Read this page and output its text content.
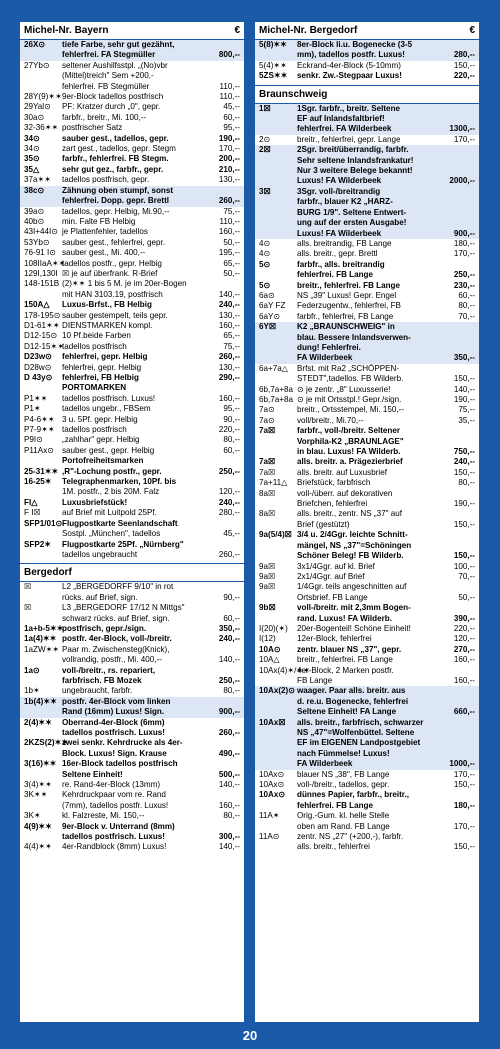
Michel-Nr. Bayern	€
26X⊙	tiefe Farbe, sehr gut gezähnt,
fehlerfrei. FA Stegmüller	800,--
27Yb⊙	seltener Aushilfsstpl. „(No)vbr
(Mittel)treich" Sem +200,-
fehlerfrei. FB Stegmüller	110,--
28Y(9)✶✶ 9er-Block tadellos postfrisch	110,--
29Yal⊙	PF: Kratzer durch „0", gepr.	45,--
30a⊙	farbfr., breitr., Mi. 100,--	60,--
32-36✶✶ postfrischer Satz	95,--
34⊙	sauber gest., tadellos, gepr.	190,--
34⊙	zart gest., tadellos, gepr. Stegm	170,--
35⊙	farbfr., fehlerfrei. FB Stegm.	200,--
35△	sehr gut gez., farbfr., gepr.	210,--
37a✶✶	tadellos postfrisch, gepr.	130,--
38c⊙	Zähnung oben stumpf, sonst
fehlerfrei. Dopp. gepr. Brettl	260,--
39a⊙	tadellos, gepr. Helbig, Mi.90,--	75,--
40b⊙	min. Falte FB Helbig	110,--
43I+44I⊙ je Plattenfehler, tadellos	160,--
53Yb⊙	sauber gest., fehlerfrei, gepr.	50,--
76-91 I⊙ sauber gest., Mi. 400,--	195,--
108IIaA✶✶
tadellos postfr., gepr. Helbig	65,--
129I,130I ☒ je auf überfrank. R-Brief	50,--
148-151B (2)✶✶ 1 bis 5 M. je im 20er-Bogen
mit HAN 3103.19, postfrisch	140,--
150A△	Luxus-Brfst., FB Helbig	240,--
178-195⊙ sauber gestempelt, teils gepr.	130,--
D1-61✶✶ DIENSTMARKEN kompl.	160,--
D12-15⊙ 10 Pf.beide Farben	65,--
D12-15✶✶
tadellos postfrisch	75,--
D23w⊙	fehlerfrei, gepr. Helbig	260,--
D28w⊙	fehlerfrei, gepr. Helbig	130,--
D 43y⊙	fehlerfrei, FB Helbig	290,--
PORTOMARKEN
P1✶✶	tadellos postfrisch. Luxus!	160,--
P1✶	tadellos ungebr., FBSem	95,--
P4-6✶✶ 3 u. 5Pf. gepr. Helbig	90,--
P7-9✶✶ tadellos postfrisch	220,--
P9I⊙	„zahlhar" gepr. Helbig	80,--
P11Ax⊙ sauber gest., gepr. Helbig	60,--
Portofreiheitsmarken
25-31✶✶ ,R"-Lochung postfr., gepr.	250,--
16-25✶	Telegraphenmarken, 10Pf. bis
1M. postfr., 2 bis 20M. Falz	120,--
FI△	Luxusbriefstück!	240,--
F I☒	auf Brief mit Luitpold 25Pf.	280,--
SFP1/01⊙ Flugpostkarte Seenlandschaft
Sostpl. „München", tadellos	45,--
SFP2✶	Flugpostkarte 25Pf. „Nürnberg"
tadellos ungebraucht	260,--
Bergedorf
☒	L2 „BERGEDORFF 9/10" in rot
rücks. auf Brief, sign.	90,--
☒	L3 „BERGEDORF 17/12 N Mittgs"
schwarz rücks. auf Brief, sign.	60,--
1a+b-5✶✶
postfrisch, gepr./sign.	350,--
1a(4)✶✶ postfr. 4er-Block, voll-/breitr.	240,--
1aZW✶✶ Paar m. Zwischensteg(Knick),
vollrandig, postfr., Mi. 400,--	140,--
1a⊙	voll-/breitr., rs. repariert,
farbfrisch. FB Mozek	250,--
1b✶	ungebraucht, farbfr.	80,--
1b(4)✶✶ postfr. 4er-Block vom linken
Rand (16mm) Luxus! Sign.	900,--
2(4)✶✶	Oberrand-4er-Block (6mm)
tadellos postfrisch. Luxus!	260,--
2KZS(2)✶✶
zwei senkr. Kehrdrucke als 4er-
Block. Luxus! Sign. Krause	490,--
3(16)✶✶ 16er-Block tadellos postfrisch
Seltene Einheit!	500,--
3(4)✶✶	re. Rand-4er-Block (13mm)	140,--
3K✶✶	Kehrdruckpaar vom re. Rand
(7mm), tadellos postfr. Luxus!	160,--
3K✶	kl. Falzreste, Mi. 150,--	80,--
4(9)✶✶	9er-Block v. Unterrand (8mm)
tadellos postfrisch. Luxus!	300,--
4(4)✶✶	4er-Randblock (8mm) Luxus!	140,--
Michel-Nr. Bergedorf	€
5(8)✶✶	8er-Block li.u. Bogenecke (3-5
mm), tadellos postfr. Luxus!	280,--
5(4)✶✶	Eckrand-4er-Block (5-10mm)	150,--
5ZS✶✶	senkr. Zw.-Stegpaar Luxus!	220,--
Braunschweig
1☒	1Sgr. farbfr., breitr. Seltene
EF auf Inlandsfaltbrief!
fehlerfrei. FA Wilderbeek	1300,--
2⊙	breitr., fehlerfrei, gepr. Lange	170,--
2☒	2Sgr. breit/überrandig, farbfr.
Sehr seltene Inlandsfrankatur!
Nur 3 weitere Belege bekannt!
Luxus! FA Wilderbeek	2000,--
3☒	3Sgr. voll-/breitrandig
farbfr., blauer K2 „HARZ-
BURG 1/9". Seltene Entwert-
ung auf der ersten Ausgabe!
Luxus! FA Wilderbeek	900,--
4⊙	alls. breitrandig, FB Lange	180,--
4⊙	alls. breitr., gepr. Brettl	170,--
5⊙	farbfr., alls. breitrandig
fehlerfrei. FB Lange	250,--
5⊙	breitr., fehlerfrei. FB Lange	230,--
6a⊙	NS „39" Luxus! Gepr. Engel	60,--
6aY FZ	Federzugentw., fehlerfrei, FB	80,--
6aY⊙	farbfr., fehlerfrei, FB Lange	70,--
6Y☒	K2 „BRAUNSCHWEIG" in
blau. Bessere Inlandsverwen-
dung! Fehlerfrei.
FA Wilderbeek	350,--
6a+7a△	Brfst. mit Ra2 „SCHÖPPEN-
STEDT",tadellos. FB Wilderb.	150,--
6b,7a+8a ⊙ je zentr. „8" Luxusseriе!	140,--
6b,7a+8a ⊙ je mit Ortsstpl.! Gepr./sign.	190,--
7a⊙	breitr., Ortsstempel, Mi. 150,--	75,--
7a⊙	voll/breitr., Mi.70,--	35,--
7a☒	farbfr., voll-/breitr. Seltener
Vorphila-K2 „BRAUNLAGE"
in blau. Luxus! FA Wilderb.	750,--
7a☒	alls. breitr. a. Prägezierbrief	240,--
7a☒	alls. breitr. auf Luxusbrief	150,--
7a+11△	Briefstück, farbfrisch	80,--
8a☒	voll-/überr. auf dekorativen
Briefchen, fehlerfrei	190,--
8a☒	alls. breitr., zentr. NS „37" auf
Brief (gestützt)	150,--
9a(5/4)☒ 3/4 u. 2/4Ggr. leichte Schnitt-
mängel, NS „37"=Schöningen
Schöner Beleg! FB Wilderb.	150,--
9a☒	3x1/4Ggr. auf kl. Brief	100,--
9a☒	2x1/4Ggr. auf Brief	70,--
9a☒	1/4Ggr. teils angeschnitten auf
Ortsbrief. FB Lange	50,--
9b☒	voll-/breitr. mit 2,3mm Bogen-
rand. Luxus! FA Wilderb.	390,--
I(20)(✶)	20er-Bogenteil! Schöne Einheit!	220,--
I(12)	12er-Block, fehlerfrei	120,--
10A⊙	zentr. blauer NS „37", gepr.	270,--
10A△	breitr., fehlerfrei. FB Lange	160,--
10Ax(4)✶/✶✶
4er-Block, 2 Marken postfr.
FB Lange	160,--
10Ax(2)⊙ waager. Paar alls. breitr. aus
d. re.u. Bogenecke, fehlerfrei
Seltene Einheit! FA Lange	660,--
10Ax☒	alls. breitr., farbfrisch, schwarzer
NS „47"=Wolfenbüttel. Seltene
EF im EIGENEN Landpostgebiet
nach Fümmelse! Luxus!
FA Wilderbeek	1000,--
10Ax⊙	blauer NS „38", FB Lange	170,--
10Ax⊙	voll-/breitr., tadellos, gepr.	150,--
10Ax⊙	dünnes Papier, farbfr., breitr.,
fehlerfrei. FB Lange	180,--
11A✶	Orig.-Gum. kl. helle Stelle
oben am Rand. FB Lange	170,--
11A⊙	zentr. NS „27" (+200,-), farbfr.
alls. breitr., fehlerfrei	150,--
20
